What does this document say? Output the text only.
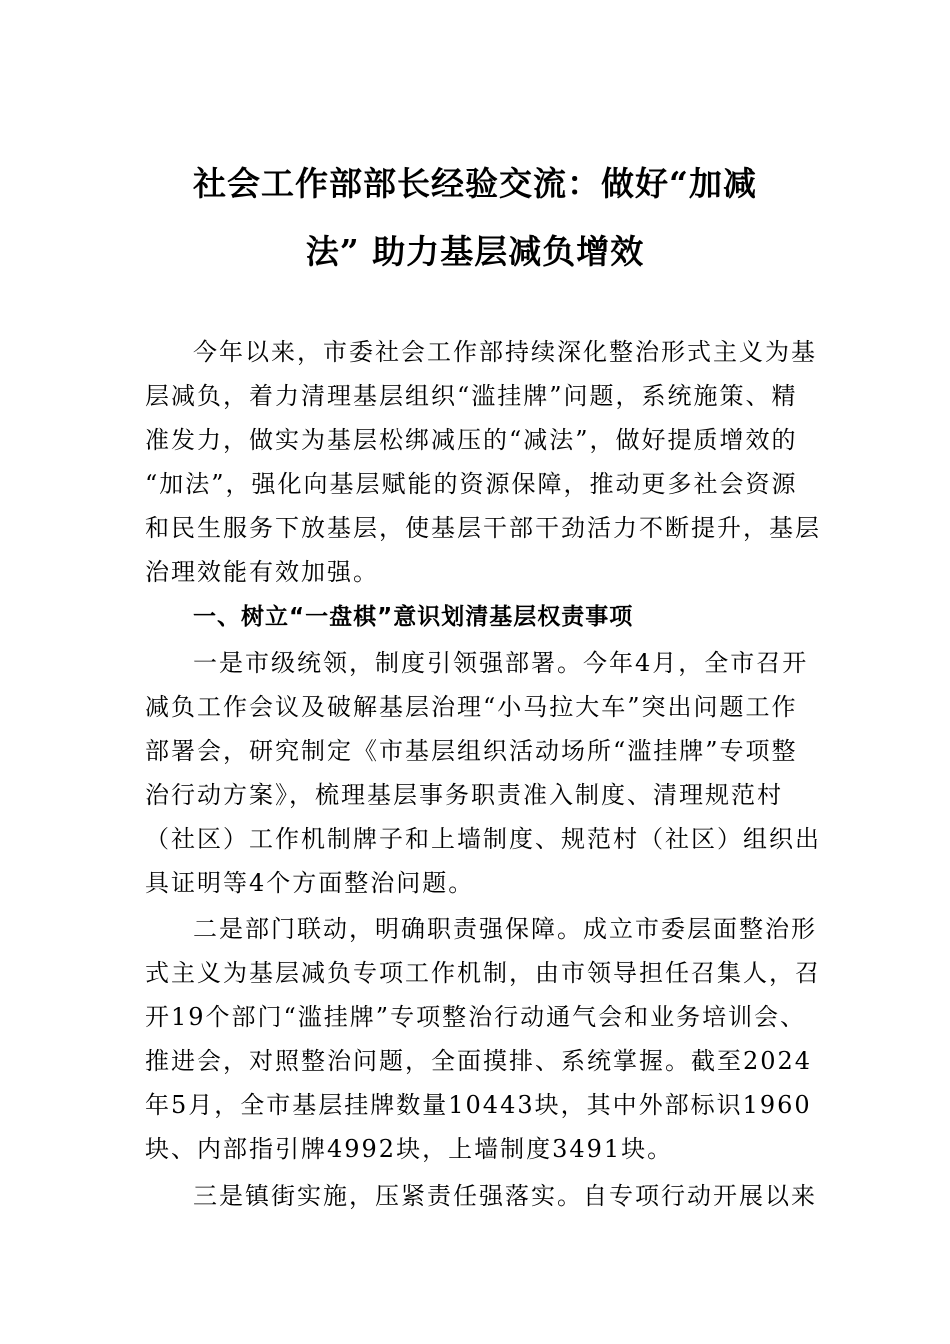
社会工作部部长经验交流：做好“加减
法” 助力基层减负增效
今年以来，市委社会工作部持续深化整治形式主义为基
层减负，着力清理基层组织“滥挂牌”问题，系统施策、精
准发力，做实为基层松绑减压的“减法”，做好提质增效的
“加法”，强化向基层赋能的资源保障，推动更多社会资源
和民生服务下放基层，使基层干部干劲活力不断提升，基层
治理效能有效加强。
一、树立“一盘棋”意识划清基层权责事项
一是市级统领，制度引领强部署。今年4月，全市召开
减负工作会议及破解基层治理“小马拉大车”突出问题工作
部署会，研究制定《市基层组织活动场所“滥挂牌”专项整
治行动方案》，梳理基层事务职责准入制度、清理规范村
（社区）工作机制牌子和上墙制度、规范村（社区）组织出
具证明等4个方面整治问题。
二是部门联动，明确职责强保障。成立市委层面整治形
式主义为基层减负专项工作机制，由市领导担任召集人，召
开19个部门“滥挂牌”专项整治行动通气会和业务培训会、
推进会，对照整治问题，全面摸排、系统掌握。截至2024
年5月，全市基层挂牌数量10443块，其中外部标识1960
块、内部指引牌4992块，上墙制度3491块。
三是镇街实施，压紧责任强落实。自专项行动开展以来
